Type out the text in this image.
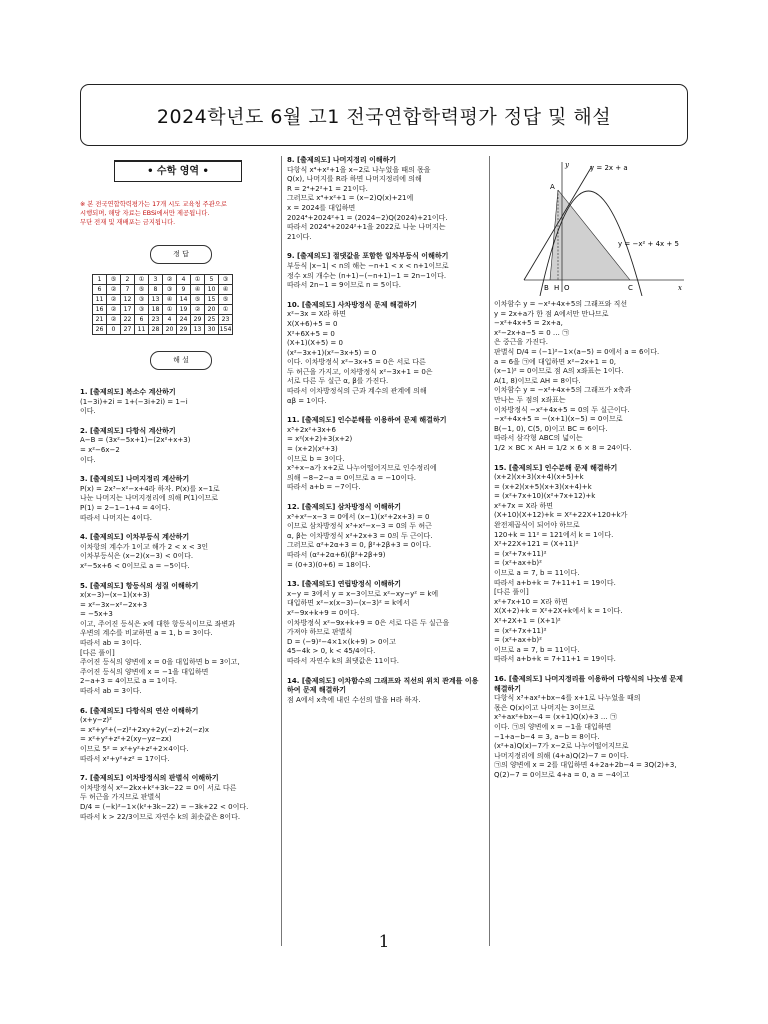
2024학년도 6월 고1 전국연합학력평가 정답 및 해설
• 수학 영역 •
※ 본 전국연합학력평가는 17개 시도 교육청 주관으로
시행되며, 해당 자료는 EBSi에서만 제공됩니다.
무단 전재 및 재배포는 금지됩니다.
정 답
1	⑤	2	①	3	②	4	①	5	③
6	②	7	⑤	8	③	9	④	10	④
11	②	12	③	13	④	14	⑤	15	⑤
16	②	17	③	18	①	19	②	20	①
21	②	22	6	23	4	24	29	25	23
26	0	27	11	28	20	29	13	30	154
해 설
1. [출제의도] 복소수 계산하기
(1−3i)+2i = 1+(−3i+2i) = 1−i
이다.
2. [출제의도] 다항식 계산하기
A−B = (3x²−5x+1)−(2x²+x+3)
= x²−6x−2
이다.
3. [출제의도] 나머지정리 계산하기
P(x) = 2x³−x²−x+4라 하자. P(x)를 x−1로
나눈 나머지는 나머지정리에 의해 P(1)이므로
P(1) = 2−1−1+4 = 4이다.
따라서 나머지는 4이다.
4. [출제의도] 이차부등식 계산하기
이차항의 계수가 1이고 해가 2 < x < 3인
이차부등식은 (x−2)(x−3) < 0이다.
x²−5x+6 < 0이므로 a = −5이다.
5. [출제의도] 항등식의 성질 이해하기
x(x−3)−(x−1)(x+3)
= x²−3x−x²−2x+3
= −5x+3
이고, 주어진 등식은 x에 대한 항등식이므로 좌변과
우변의 계수를 비교하면 a = 1, b = 3이다.
따라서 ab = 3이다.
[다른 풀이]
주어진 등식의 양변에 x = 0을 대입하면 b = 3이고,
주어진 등식의 양변에 x = −1을 대입하면
2−a+3 = 4이므로 a = 1이다.
따라서 ab = 3이다.
6. [출제의도] 다항식의 연산 이해하기
(x+y−z)²
= x²+y²+(−z)²+2xy+2y(−z)+2(−z)x
= x²+y²+z²+2(xy−yz−zx)
이므로 5² = x²+y²+z²+2×4이다.
따라서 x²+y²+z² = 17이다.
7. [출제의도] 이차방정식의 판별식 이해하기
이차방정식 x²−2kx+k²+3k−22 = 0이 서로 다른
두 허근을 가지므로 판별식
D/4 = (−k)²−1×(k²+3k−22) = −3k+22 < 0이다.
따라서 k > 22/3이므로 자연수 k의 최솟값은 8이다.
8. [출제의도] 나머지정리 이해하기
다항식 x⁴+x²+1을 x−2로 나누었을 때의 몫을
Q(x), 나머지를 R라 하면 나머지정리에 의해
R = 2⁴+2²+1 = 21이다.
그러므로 x⁴+x²+1 = (x−2)Q(x)+21에
x = 2024를 대입하면
2024⁴+2024²+1 = (2024−2)Q(2024)+21이다.
따라서 2024⁴+2024²+1을 2022로 나눈 나머지는
21이다.
9. [출제의도] 절댓값을 포함한 일차부등식 이해하기
부등식 |x−1| < n의 해는 −n+1 < x < n+1이므로
정수 x의 개수는 (n+1)−(−n+1)−1 = 2n−1이다.
따라서 2n−1 = 9이므로 n = 5이다.
10. [출제의도] 사차방정식 문제 해결하기
x²−3x = X라 하면
X(X+6)+5 = 0
X²+6X+5 = 0
(X+1)(X+5) = 0
(x²−3x+1)(x²−3x+5) = 0
이다. 이차방정식 x²−3x+5 = 0은 서로 다른
두 허근을 가지고, 이차방정식 x²−3x+1 = 0은
서로 다른 두 실근 α, β를 가진다.
따라서 이차방정식의 근과 계수의 관계에 의해
αβ = 1이다.
11. [출제의도] 인수분해를 이용하여 문제 해결하기
x³+2x²+3x+6
= x²(x+2)+3(x+2)
= (x+2)(x²+3)
이므로 b = 3이다.
x³+x−a가 x+2로 나누어떨어지므로 인수정리에
의해 −8−2−a = 0이므로 a = −10이다.
따라서 a+b = −7이다.
12. [출제의도] 삼차방정식 이해하기
x³+x²−x−3 = 0에서 (x−1)(x²+2x+3) = 0
이므로 삼차방정식 x³+x²−x−3 = 0의 두 허근
α, β는 이차방정식 x²+2x+3 = 0의 두 근이다.
그러므로 α²+2α+3 = 0, β²+2β+3 = 0이다.
따라서 (α²+2α+6)(β²+2β+9)
= (0+3)(0+6) = 18이다.
13. [출제의도] 연립방정식 이해하기
x−y = 3에서 y = x−3이므로 x²−xy−y² = k에
대입하면 x²−x(x−3)−(x−3)² = k에서
x²−9x+k+9 = 0이다.
이차방정식 x²−9x+k+9 = 0은 서로 다른 두 실근을
가져야 하므로 판별식
D = (−9)²−4×1×(k+9) > 0이고
45−4k > 0, k < 45/4이다.
따라서 자연수 k의 최댓값은 11이다.
14. [출제의도] 이차함수의 그래프와 직선의 위치 관계를 이용하여 문제 해결하기
점 A에서 x축에 내린 수선의 발을 H라 하자.
y = 2x + a
y = −x² + 4x + 5
y
x
A
B O
H	C
이차함수 y = −x²+4x+5의 그래프와 직선
y = 2x+a가 한 점 A에서만 만나므로
−x²+4x+5 = 2x+a,
x²−2x+a−5 = 0 … ㉠
은 중근을 가진다.
판별식 D/4 = (−1)²−1×(a−5) = 0에서 a = 6이다.
a = 6을 ㉠에 대입하면 x²−2x+1 = 0,
(x−1)² = 0이므로 점 A의 x좌표는 1이다.
A(1, 8)이므로 AH = 8이다.
이차함수 y = −x²+4x+5의 그래프가 x축과
만나는 두 점의 x좌표는
이차방정식 −x²+4x+5 = 0의 두 실근이다.
−x²+4x+5 = −(x+1)(x−5) = 0이므로
B(−1, 0), C(5, 0)이고 BC = 6이다.
따라서 삼각형 ABC의 넓이는
1/2 × BC × AH = 1/2 × 6 × 8 = 24이다.
15. [출제의도] 인수분해 문제 해결하기
(x+2)(x+3)(x+4)(x+5)+k
= (x+2)(x+5)(x+3)(x+4)+k
= (x²+7x+10)(x²+7x+12)+k
x²+7x = X라 하면
(X+10)(X+12)+k = X²+22X+120+k가
완전제곱식이 되어야 하므로
120+k = 11² = 121에서 k = 1이다.
X²+22X+121 = (X+11)²
= (x²+7x+11)²
= (x²+ax+b)²
이므로 a = 7, b = 11이다.
따라서 a+b+k = 7+11+1 = 19이다.
[다른 풀이]
x²+7x+10 = X라 하면
X(X+2)+k = X²+2X+k에서 k = 1이다.
X²+2X+1 = (X+1)²
= (x²+7x+11)²
= (x²+ax+b)²
이므로 a = 7, b = 11이다.
따라서 a+b+k = 7+11+1 = 19이다.
16. [출제의도] 나머지정리를 이용하여 다항식의 나눗셈 문제 해결하기
다항식 x³+ax²+bx−4를 x+1로 나누었을 때의
몫은 Q(x)이고 나머지는 3이므로
x³+ax²+bx−4 = (x+1)Q(x)+3 … ㉠
이다. ㉠의 양변에 x = −1을 대입하면
−1+a−b−4 = 3, a−b = 8이다.
(x²+a)Q(x)−7가 x−2로 나누어떨어지므로
나머지정리에 의해 (4+a)Q(2)−7 = 0이다.
㉠의 양변에 x = 2를 대입하면 4+2a+2b−4 = 3Q(2)+3,
Q(2)−7 = 0이므로 4+a = 0, a = −4이고
1
